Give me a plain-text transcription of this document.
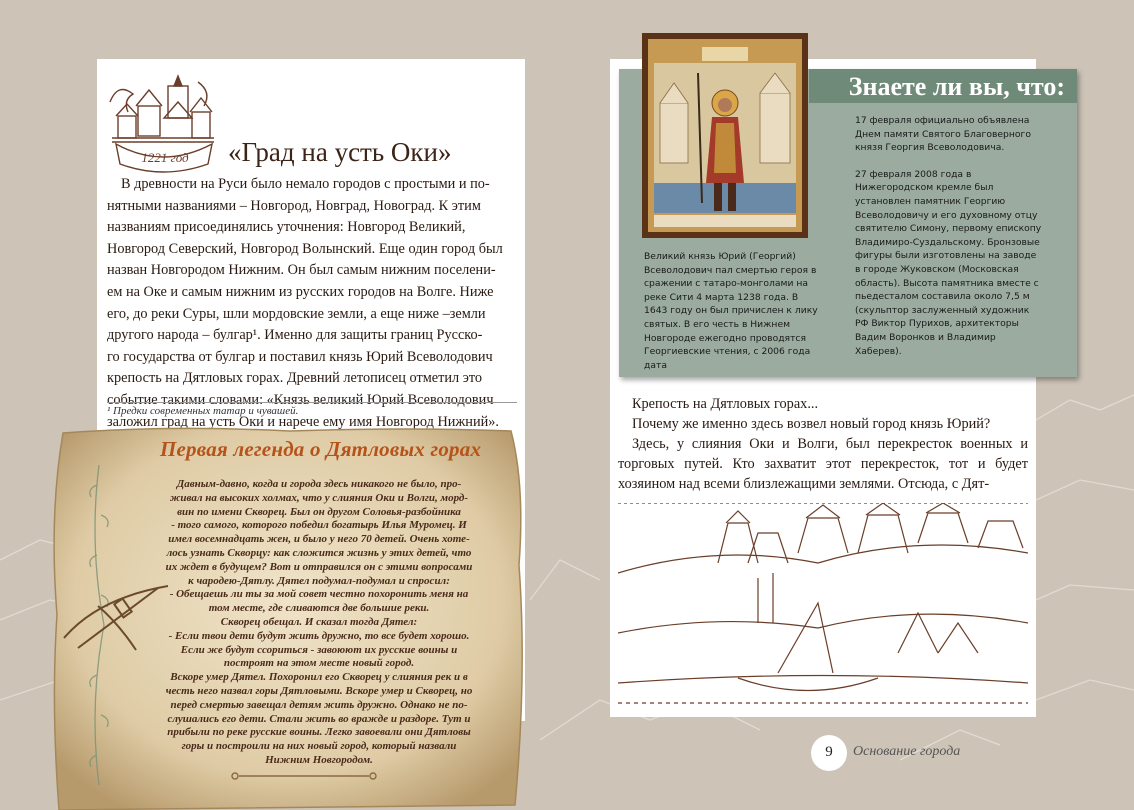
1221 год «Град на усть Оки»
В древности на Руси было немало городов с простыми и по-
нятными названиями – Новгород, Новград, Новоград. К этим
названиям присоединялись уточнения: Новгород Великий,
Новгород Северский, Новгород Волынский. Еще один город был
назван Новгородом Нижним. Он был самым нижним поселени-
ем на Оке и самым нижним из русских городов на Волге. Ниже
его, до реки Суры, шли мордовские земли, а еще ниже –земли
другого народа – булгар¹. Именно для защиты границ Русско-
го государства от булгар и поставил князь Юрий Всеволодович
крепость на Дятловых горах. Древний летописец отметил это
событие такими словами: «Князь великий Юрий Всеволодович
заложил град на усть Оки и нарече ему имя Новгород Нижний».
¹ Предки современных татар и чувашей.
Первая легенда о Дятловых горах
Давным-давно, когда и города здесь никакого не было, про-
живал на высоких холмах, что у слияния Оки и Волги, морд-
вин по имени Скворец. Был он другом Соловья-разбойника
- того самого, которого победил богатырь Илья Муромец. И
имел восемнадцать жен, и было у него 70 детей. Очень хоте-
лось узнать Скворцу: как сложится жизнь у этих детей, что
их ждет в будущем? Вот и отправился он с этими вопросами
к чародею-Дятлу. Дятел подумал-подумал и спросил:
- Обещаешь ли ты за мой совет честно похоронить меня на
том месте, где сливаются две большие реки.
Скворец обещал. И сказал тогда Дятел:
- Если твои дети будут жить дружно, то все будет хорошо.
Если же будут ссориться - завоюют их русские воины и
построят на этом месте новый город.
Вскоре умер Дятел. Похоронил его Скворец у слияния рек и в
честь него назвал горы Дятловыми. Вскоре умер и Скворец, но
перед смертью завещал детям жить дружно. Однако не по-
слушались его дети. Стали жить во вражде и раздоре. Тут и
прибыли по реке русские воины. Легко завоевали они Дятловы
горы и построили на них новый город, который назвали
Нижним Новгородом.
Знаете ли вы, что:
Великий князь Юрий (Георгий) Всеволодович пал смертью героя в сражении с татаро-монголами на реке Сити 4 марта 1238 года. В 1643 году он был причислен к лику святых. В его честь в Нижнем Новгороде ежегодно проводятся Георгиевские чтения, с 2006 года дата

17 февраля официально объявлена Днем памяти Святого Благоверного князя Георгия Всеволодовича.

27 февраля 2008 года в Нижегородском кремле был установлен памятник Георгию Всеволодовичу и его духовному отцу святителю Симону, первому епископу Владимиро-Суздальскому. Бронзовые фигуры были изготовлены на заводе в городе Жуковском (Московская область). Высота памятника вместе с пьедесталом составила около 7,5 м (скульптор заслуженный художник РФ Виктор Пурихов, архитекторы Вадим Воронков и Владимир Хаберев).

Крепость на Дятловых горах...
Почему же именно здесь возвел новый город князь Юрий?
Здесь, у слияния Оки и Волги, был перекресток военных и торговых путей. Кто захватит этот перекресток, тот и будет хозяином над всеми близлежащими землями. Отсюда, с Дят-
9	Основание города
